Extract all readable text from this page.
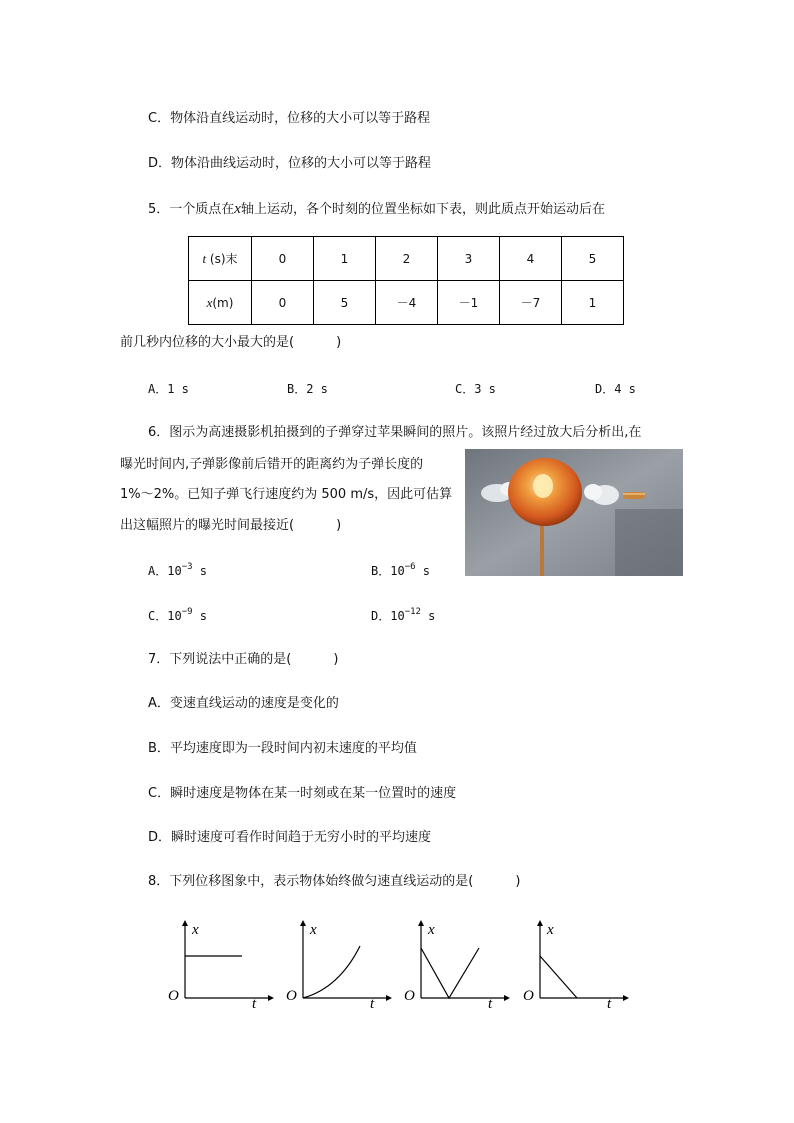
C．物体沿直线运动时，位移的大小可以等于路程
D．物体沿曲线运动时，位移的大小可以等于路程
5．一个质点在x轴上运动，各个时刻的位置坐标如下表，则此质点开始运动后在
t (s)末	0	1	2	3	4	5
x(m)	0	5	－4	－1	－7	1
前几秒内位移的大小最大的是(	)
A．1 s	B．2 s	C．3 s	D．4 s
6．图示为高速摄影机拍摄到的子弹穿过苹果瞬间的照片。该照片经过放大后分析出,在
曝光时间内,子弹影像前后错开的距离约为子弹长度的
1%～2%。已知子弹飞行速度约为 500 m/s，因此可估算
出这幅照片的曝光时间最接近(	)
A．$10^{-3}$ s	B．$10^{-6}$ s
C．$10^{-9}$ s	D．$10^{-12}$ s
7．下列说法中正确的是(	)
A．变速直线运动的速度是变化的
B．平均速度即为一段时间内初末速度的平均值
C．瞬时速度是物体在某一时刻或在某一位置时的速度
D．瞬时速度可看作时间趋于无穷小时的平均速度
8．下列位移图象中，表示物体始终做匀速直线运动的是(	)
x
t
O
x
t
O
x
t
O
x
t
O
